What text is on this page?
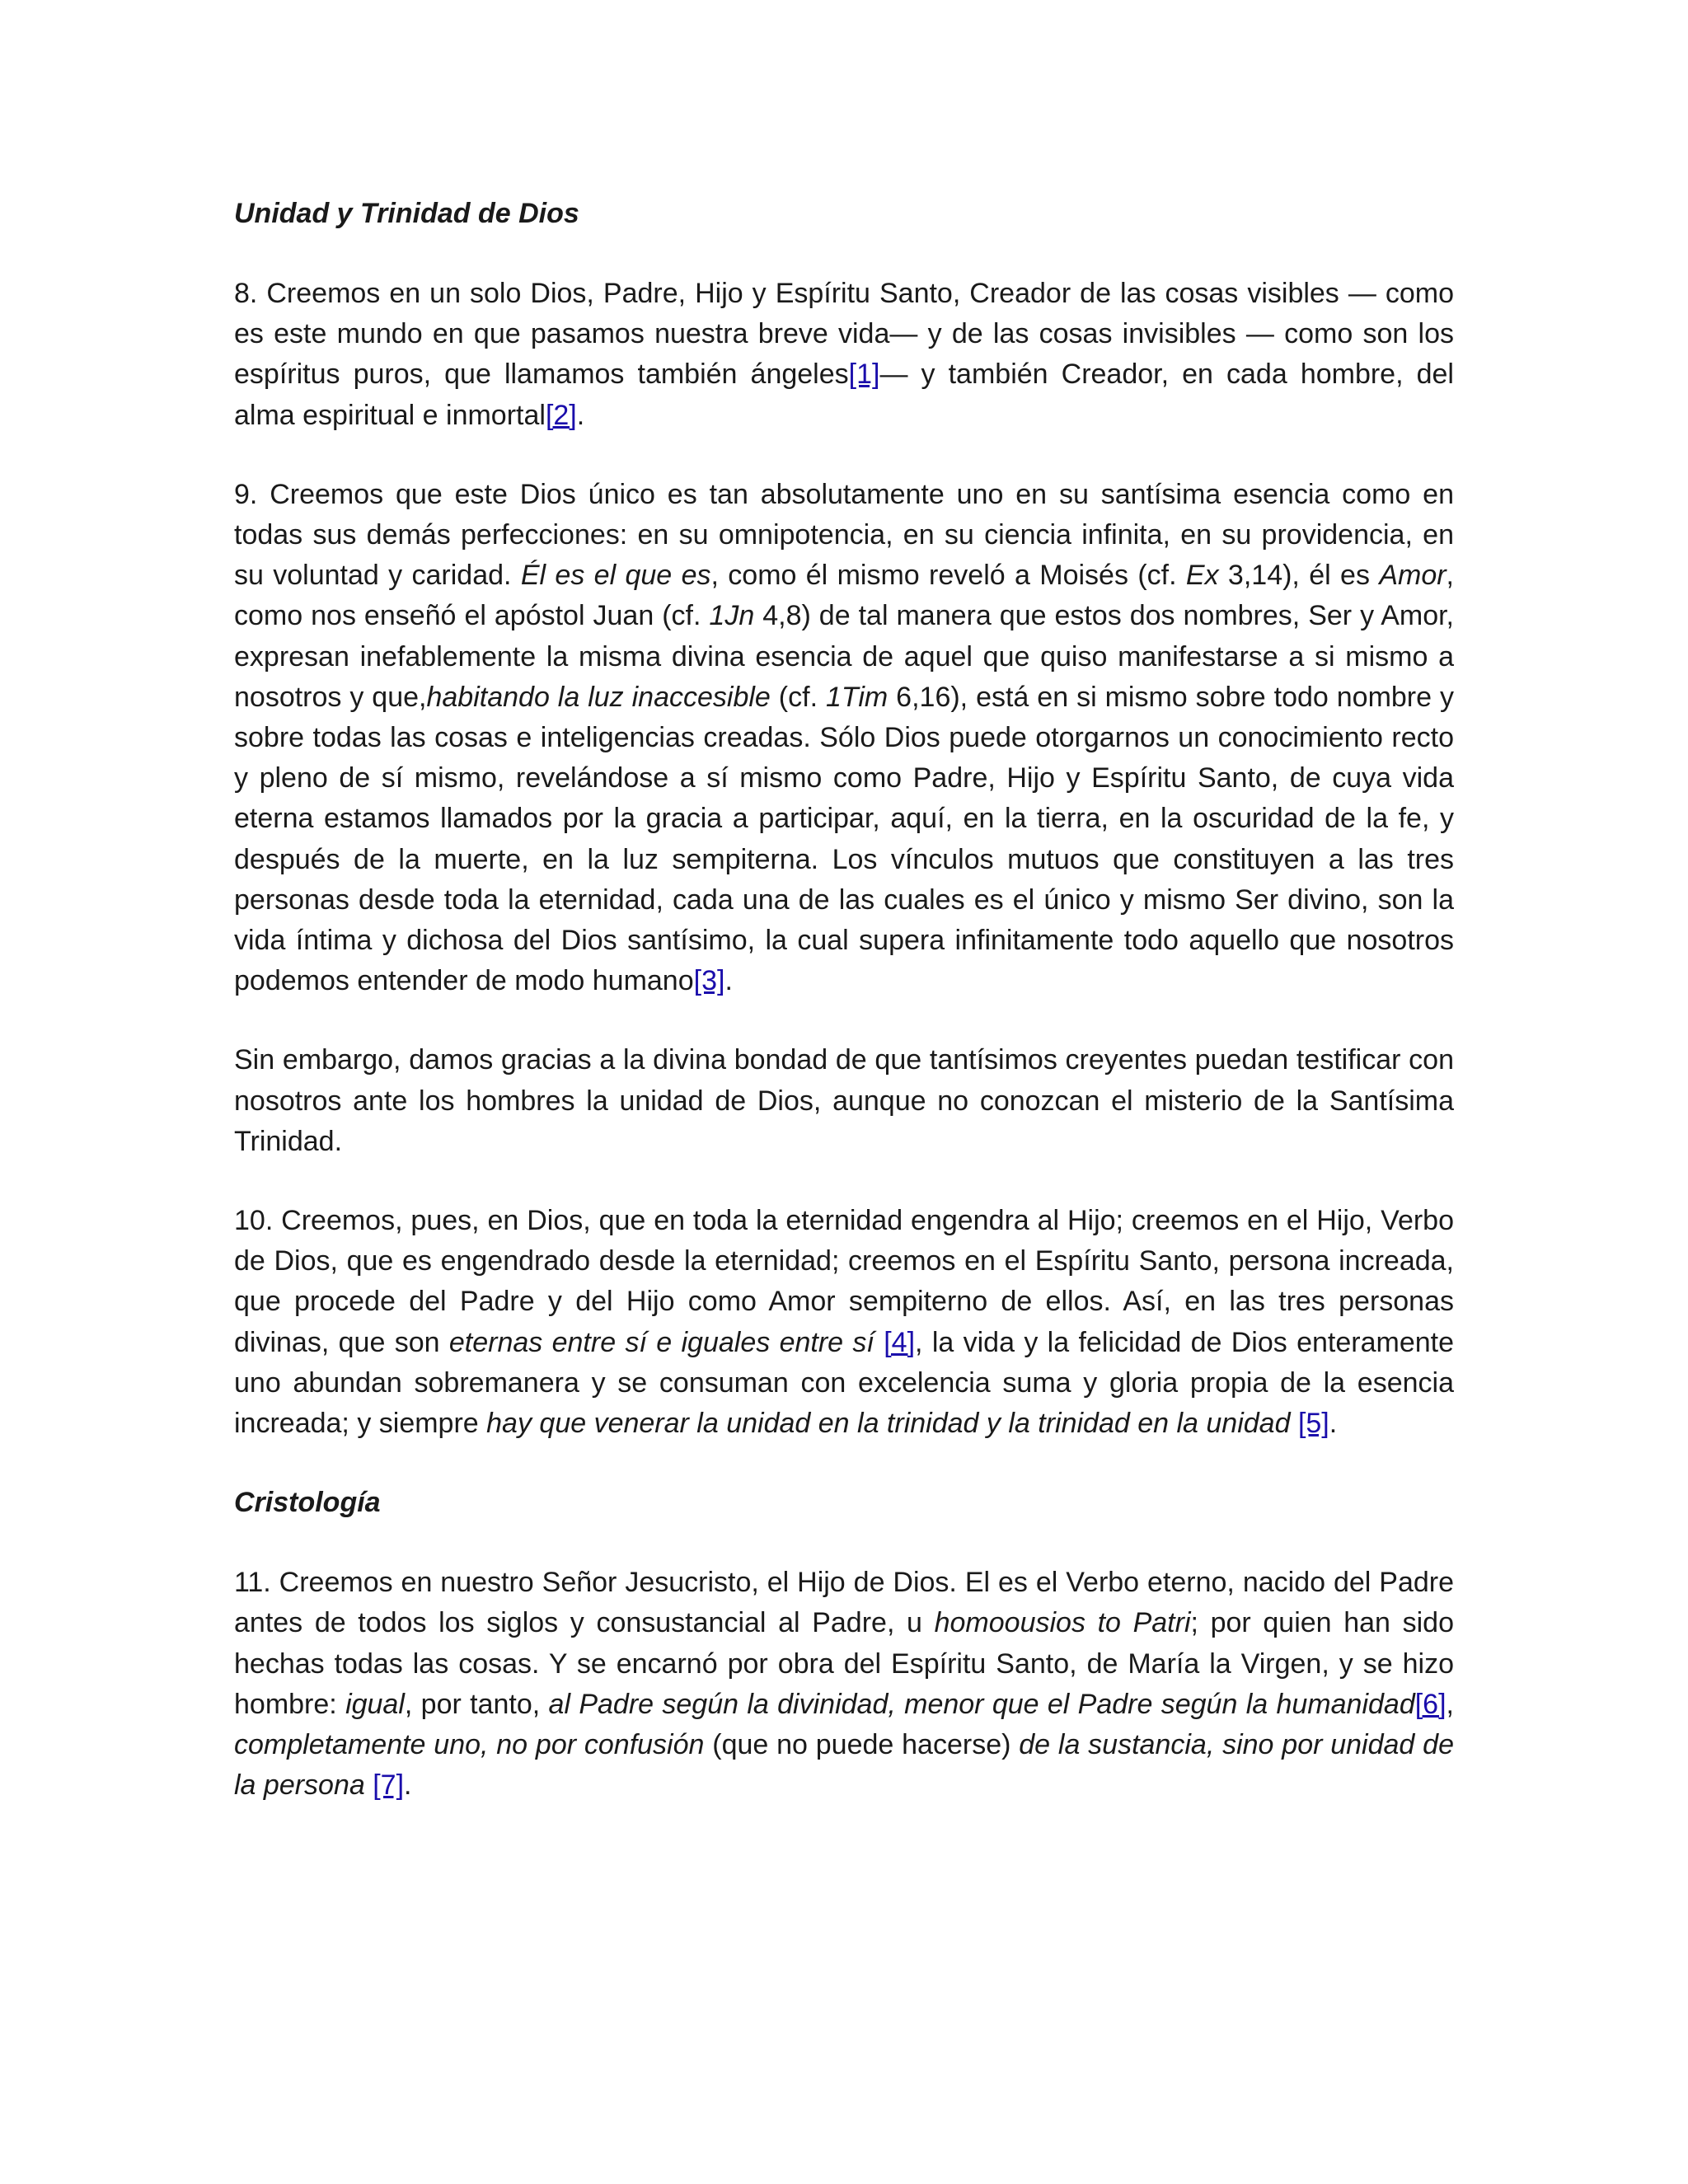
Unidad y Trinidad de Dios

8. Creemos en un solo Dios, Padre, Hijo y Espíritu Santo, Creador de las cosas visibles — como es este mundo en que pasamos nuestra breve vida— y de las cosas invisibles — como son los espíritus puros, que llamamos también ángeles[1]— y también Creador, en cada hombre, del alma espiritual e inmortal[2].

9. Creemos que este Dios único es tan absolutamente uno en su santísima esencia como en todas sus demás perfecciones: en su omnipotencia, en su ciencia infinita, en su providencia, en su voluntad y caridad. Él es el que es, como él mismo reveló a Moisés (cf. Ex 3,14), él es Amor, como nos enseñó el apóstol Juan (cf. 1Jn 4,8) de tal manera que estos dos nombres, Ser y Amor, expresan inefablemente la misma divina esencia de aquel que quiso manifestarse a si mismo a nosotros y que,habitando la luz inaccesible (cf. 1Tim 6,16), está en si mismo sobre todo nombre y sobre todas las cosas e inteligencias creadas. Sólo Dios puede otorgarnos un conocimiento recto y pleno de sí mismo, revelándose a sí mismo como Padre, Hijo y Espíritu Santo, de cuya vida eterna estamos llamados por la gracia a participar, aquí, en la tierra, en la oscuridad de la fe, y después de la muerte, en la luz sempiterna. Los vínculos mutuos que constituyen a las tres personas desde toda la eternidad, cada una de las cuales es el único y mismo Ser divino, son la vida íntima y dichosa del Dios santísimo, la cual supera infinitamente todo aquello que nosotros podemos entender de modo humano[3].

Sin embargo, damos gracias a la divina bondad de que tantísimos creyentes puedan testificar con nosotros ante los hombres la unidad de Dios, aunque no conozcan el misterio de la Santísima Trinidad.

10. Creemos, pues, en Dios, que en toda la eternidad engendra al Hijo; creemos en el Hijo, Verbo de Dios, que es engendrado desde la eternidad; creemos en el Espíritu Santo, persona increada, que procede del Padre y del Hijo como Amor sempiterno de ellos. Así, en las tres personas divinas, que son eternas entre sí e iguales entre sí [4], la vida y la felicidad de Dios enteramente uno abundan sobremanera y se consuman con excelencia suma y gloria propia de la esencia increada; y siempre hay que venerar la unidad en la trinidad y la trinidad en la unidad [5].

Cristología

11. Creemos en nuestro Señor Jesucristo, el Hijo de Dios. El es el Verbo eterno, nacido del Padre antes de todos los siglos y consustancial al Padre, u homoousios to Patri; por quien han sido hechas todas las cosas. Y se encarnó por obra del Espíritu Santo, de María la Virgen, y se hizo hombre: igual, por tanto, al Padre según la divinidad, menor que el Padre según la humanidad[6], completamente uno, no por confusión (que no puede hacerse) de la sustancia, sino por unidad de la persona [7].
